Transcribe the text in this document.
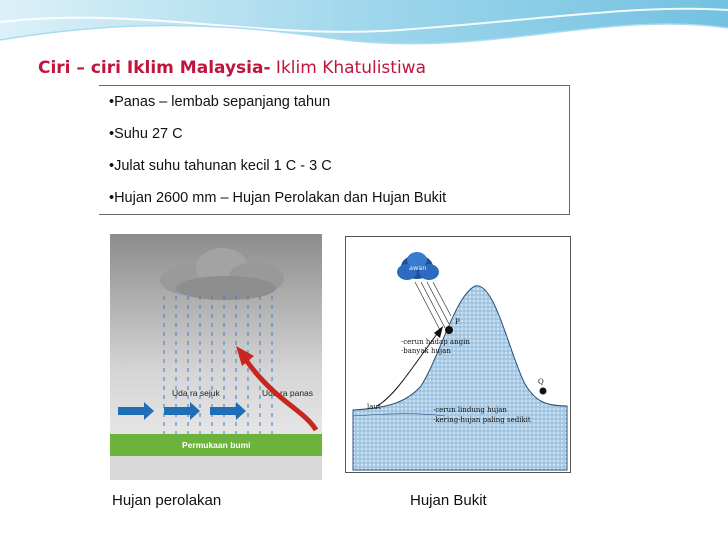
Ciri – ciri Iklim Malaysia- Iklim Khatulistiwa
•Panas – lembab sepanjang tahun
•Suhu 27 C
•Julat suhu tahunan kecil 1 C - 3 C
•Hujan 2600 mm – Hujan Perolakan dan Hujan Bukit
Uda ra sejuk	Uda ra panas
Permukaan bumi
awan
P
Q
·cerun hadap angin
·banyak hujan
·cerun lindung hujan
·kering-hujan paling sedikit
laut
Hujan perolakan	Hujan Bukit
